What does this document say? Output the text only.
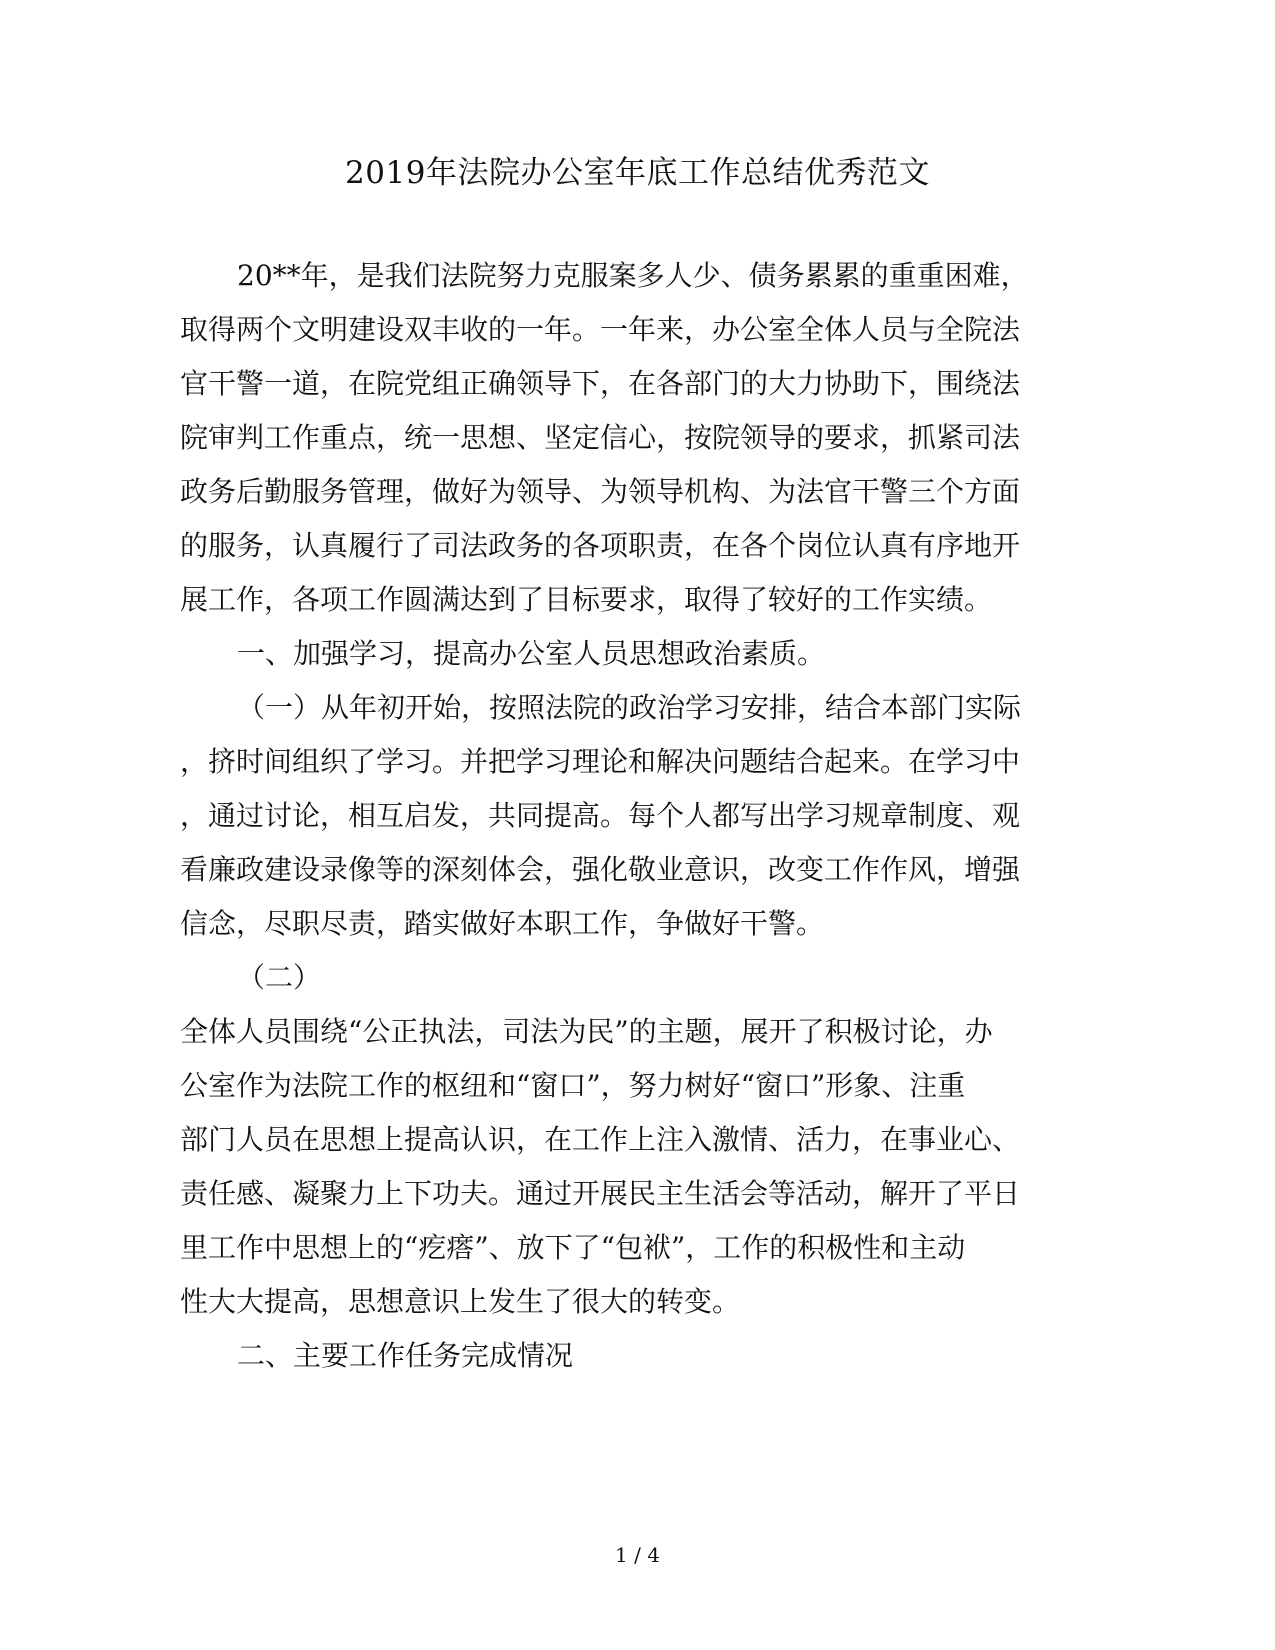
2019年法院办公室年底工作总结优秀范文
20**年，是我们法院努力克服案多人少、债务累累的重重困难，
取得两个文明建设双丰收的一年。一年来，办公室全体人员与全院法
官干警一道，在院党组正确领导下，在各部门的大力协助下，围绕法
院审判工作重点，统一思想、坚定信心，按院领导的要求，抓紧司法
政务后勤服务管理，做好为领导、为领导机构、为法官干警三个方面
的服务，认真履行了司法政务的各项职责，在各个岗位认真有序地开
展工作，各项工作圆满达到了目标要求，取得了较好的工作实绩。
一、加强学习，提高办公室人员思想政治素质。
（一）从年初开始，按照法院的政治学习安排，结合本部门实际
，挤时间组织了学习。并把学习理论和解决问题结合起来。在学习中
，通过讨论，相互启发，共同提高。每个人都写出学习规章制度、观
看廉政建设录像等的深刻体会，强化敬业意识，改变工作作风，增强
信念，尽职尽责，踏实做好本职工作，争做好干警。
（二）
全体人员围绕“公正执法，司法为民”的主题，展开了积极讨论，办
公室作为法院工作的枢纽和“窗口”，努力树好“窗口”形象、注重
部门人员在思想上提高认识，在工作上注入激情、活力，在事业心、
责任感、凝聚力上下功夫。通过开展民主生活会等活动，解开了平日
里工作中思想上的“疙瘩”、放下了“包袱”，工作的积极性和主动
性大大提高，思想意识上发生了很大的转变。
二、主要工作任务完成情况
1 / 4
